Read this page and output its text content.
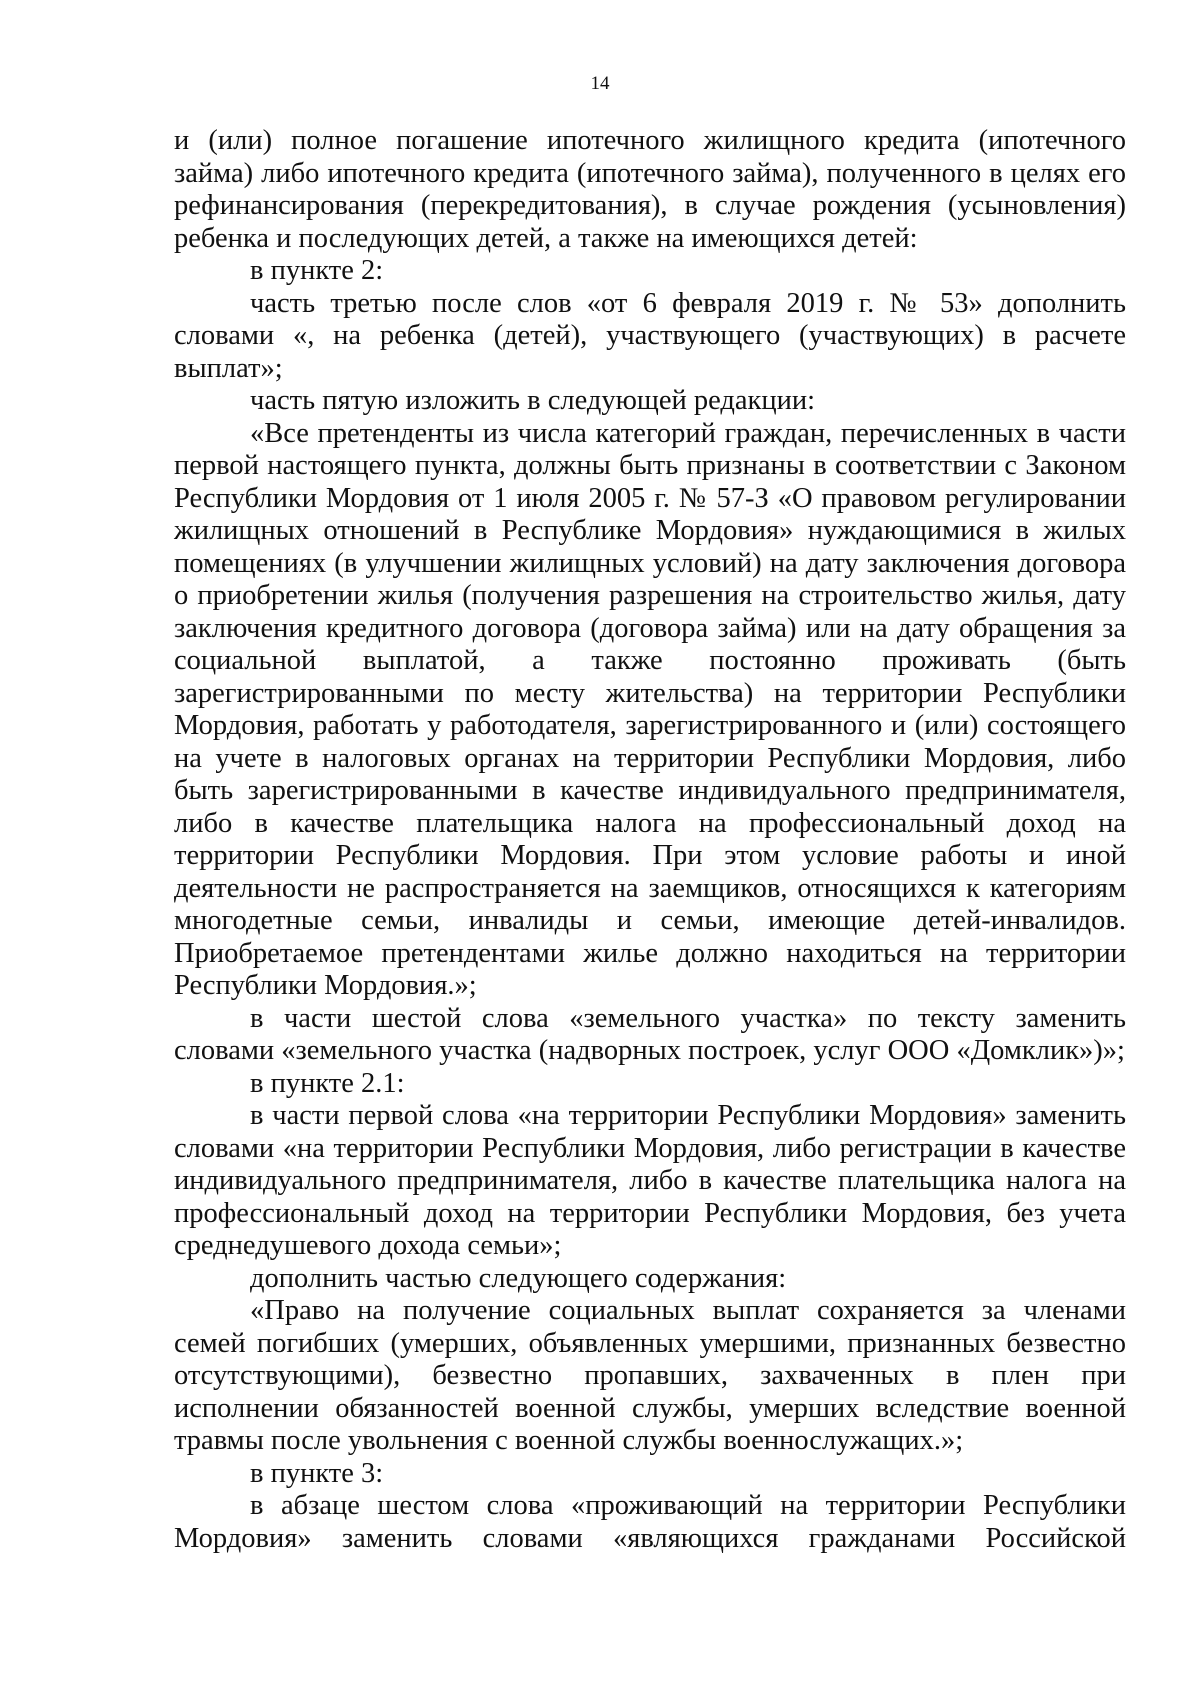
14

и (или) полное погашение ипотечного жилищного кредита (ипотечного займа) либо ипотечного кредита (ипотечного займа), полученного в целях его рефинансирования (перекредитования), в случае рождения (усыновления) ребенка и последующих детей, а также на имеющихся детей:

в пункте 2:

часть третью после слов «от 6 февраля 2019 г. № 53» дополнить словами «, на ребенка (детей), участвующего (участвующих) в расчете выплат»;

часть пятую изложить в следующей редакции:

«Все претенденты из числа категорий граждан, перечисленных в части первой настоящего пункта, должны быть признаны в соответствии с Законом Республики Мордовия от 1 июля 2005 г. № 57-З «О правовом регулировании жилищных отношений в Республике Мордовия» нуждающимися в жилых помещениях (в улучшении жилищных условий) на дату заключения договора о приобретении жилья (получения разрешения на строительство жилья, дату заключения кредитного договора (договора займа) или на дату обращения за социальной выплатой, а также постоянно проживать (быть зарегистрированными по месту жительства) на территории Республики Мордовия, работать у работодателя, зарегистрированного и (или) состоящего на учете в налоговых органах на территории Республики Мордовия, либо быть зарегистрированными в качестве индивидуального предпринимателя, либо в качестве плательщика налога на профессиональный доход на территории Республики Мордовия. При этом условие работы и иной деятельности не распространяется на заемщиков, относящихся к категориям многодетные семьи, инвалиды и семьи, имеющие детей-инвалидов. Приобретаемое претендентами жилье должно находиться на территории Республики Мордовия.»;

в части шестой слова «земельного участка» по тексту заменить словами «земельного участка (надворных построек, услуг ООО «Домклик»)»;

в пункте 2.1:

в части первой слова «на территории Республики Мордовия» заменить словами «на территории Республики Мордовия, либо регистрации в качестве индивидуального предпринимателя, либо в качестве плательщика налога на профессиональный доход на территории Республики Мордовия, без учета среднедушевого дохода семьи»;

дополнить частью следующего содержания:

«Право на получение социальных выплат сохраняется за членами семей погибших (умерших, объявленных умершими, признанных безвестно отсутствующими), безвестно пропавших, захваченных в плен при исполнении обязанностей военной службы, умерших вследствие военной травмы после увольнения с военной службы военнослужащих.»;

в пункте 3:

в абзаце шестом слова «проживающий на территории Республики Мордовия» заменить словами «являющихся гражданами Российской
